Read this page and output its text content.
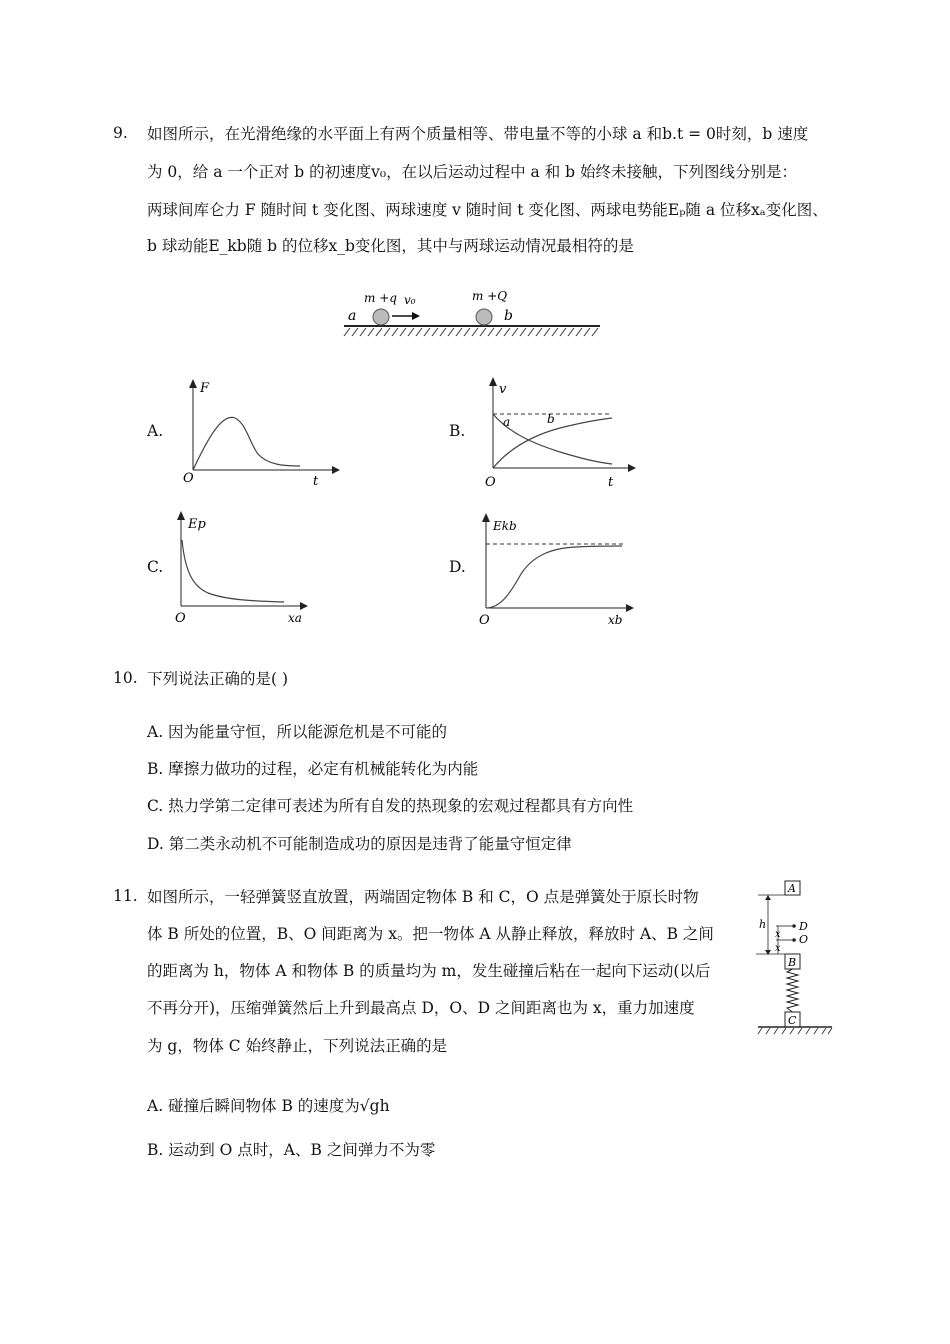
9. 如图所示，在光滑绝缘的水平面上有两个质量相等、带电量不等的小球 a 和b.t = 0时刻，b 速度
为 0，给 a 一个正对 b 的初速度v₀，在以后运动过程中 a 和 b 始终未接触，下列图线分别是：
两球间库仑力 F 随时间 t 变化图、两球速度 v 随时间 t 变化图、两球电势能Eₚ随 a 位移xₐ变化图、
b 球动能E_kb随 b 的位移x_b变化图，其中与两球运动情况最相符的是
a
m +q v₀	m +Q
b
A.
F
t
O
B.
v
t
O
a	b
C.
Ep
xa
O
D.
Ekb
xb
O
10. 下列说法正确的是( )
A. 因为能量守恒，所以能源危机是不可能的
B. 摩擦力做功的过程，必定有机械能转化为内能
C. 热力学第二定律可表述为所有自发的热现象的宏观过程都具有方向性
D. 第二类永动机不可能制造成功的原因是违背了能量守恒定律
11. 如图所示，一轻弹簧竖直放置，两端固定物体 B 和 C，O 点是弹簧处于原长时物
体 B 所处的位置，B、O 间距离为 x。把一物体 A 从静止释放，释放时 A、B 之间
的距离为 h，物体 A 和物体 B 的质量均为 m，发生碰撞后粘在一起向下运动(以后
不再分开)，压缩弹簧然后上升到最高点 D，O、D 之间距离也为 x，重力加速度
为 g，物体 C 始终静止，下列说法正确的是
A
h
x
x
D
O
B
C
A. 碰撞后瞬间物体 B 的速度为√gh
B. 运动到 O 点时，A、B 之间弹力不为零
